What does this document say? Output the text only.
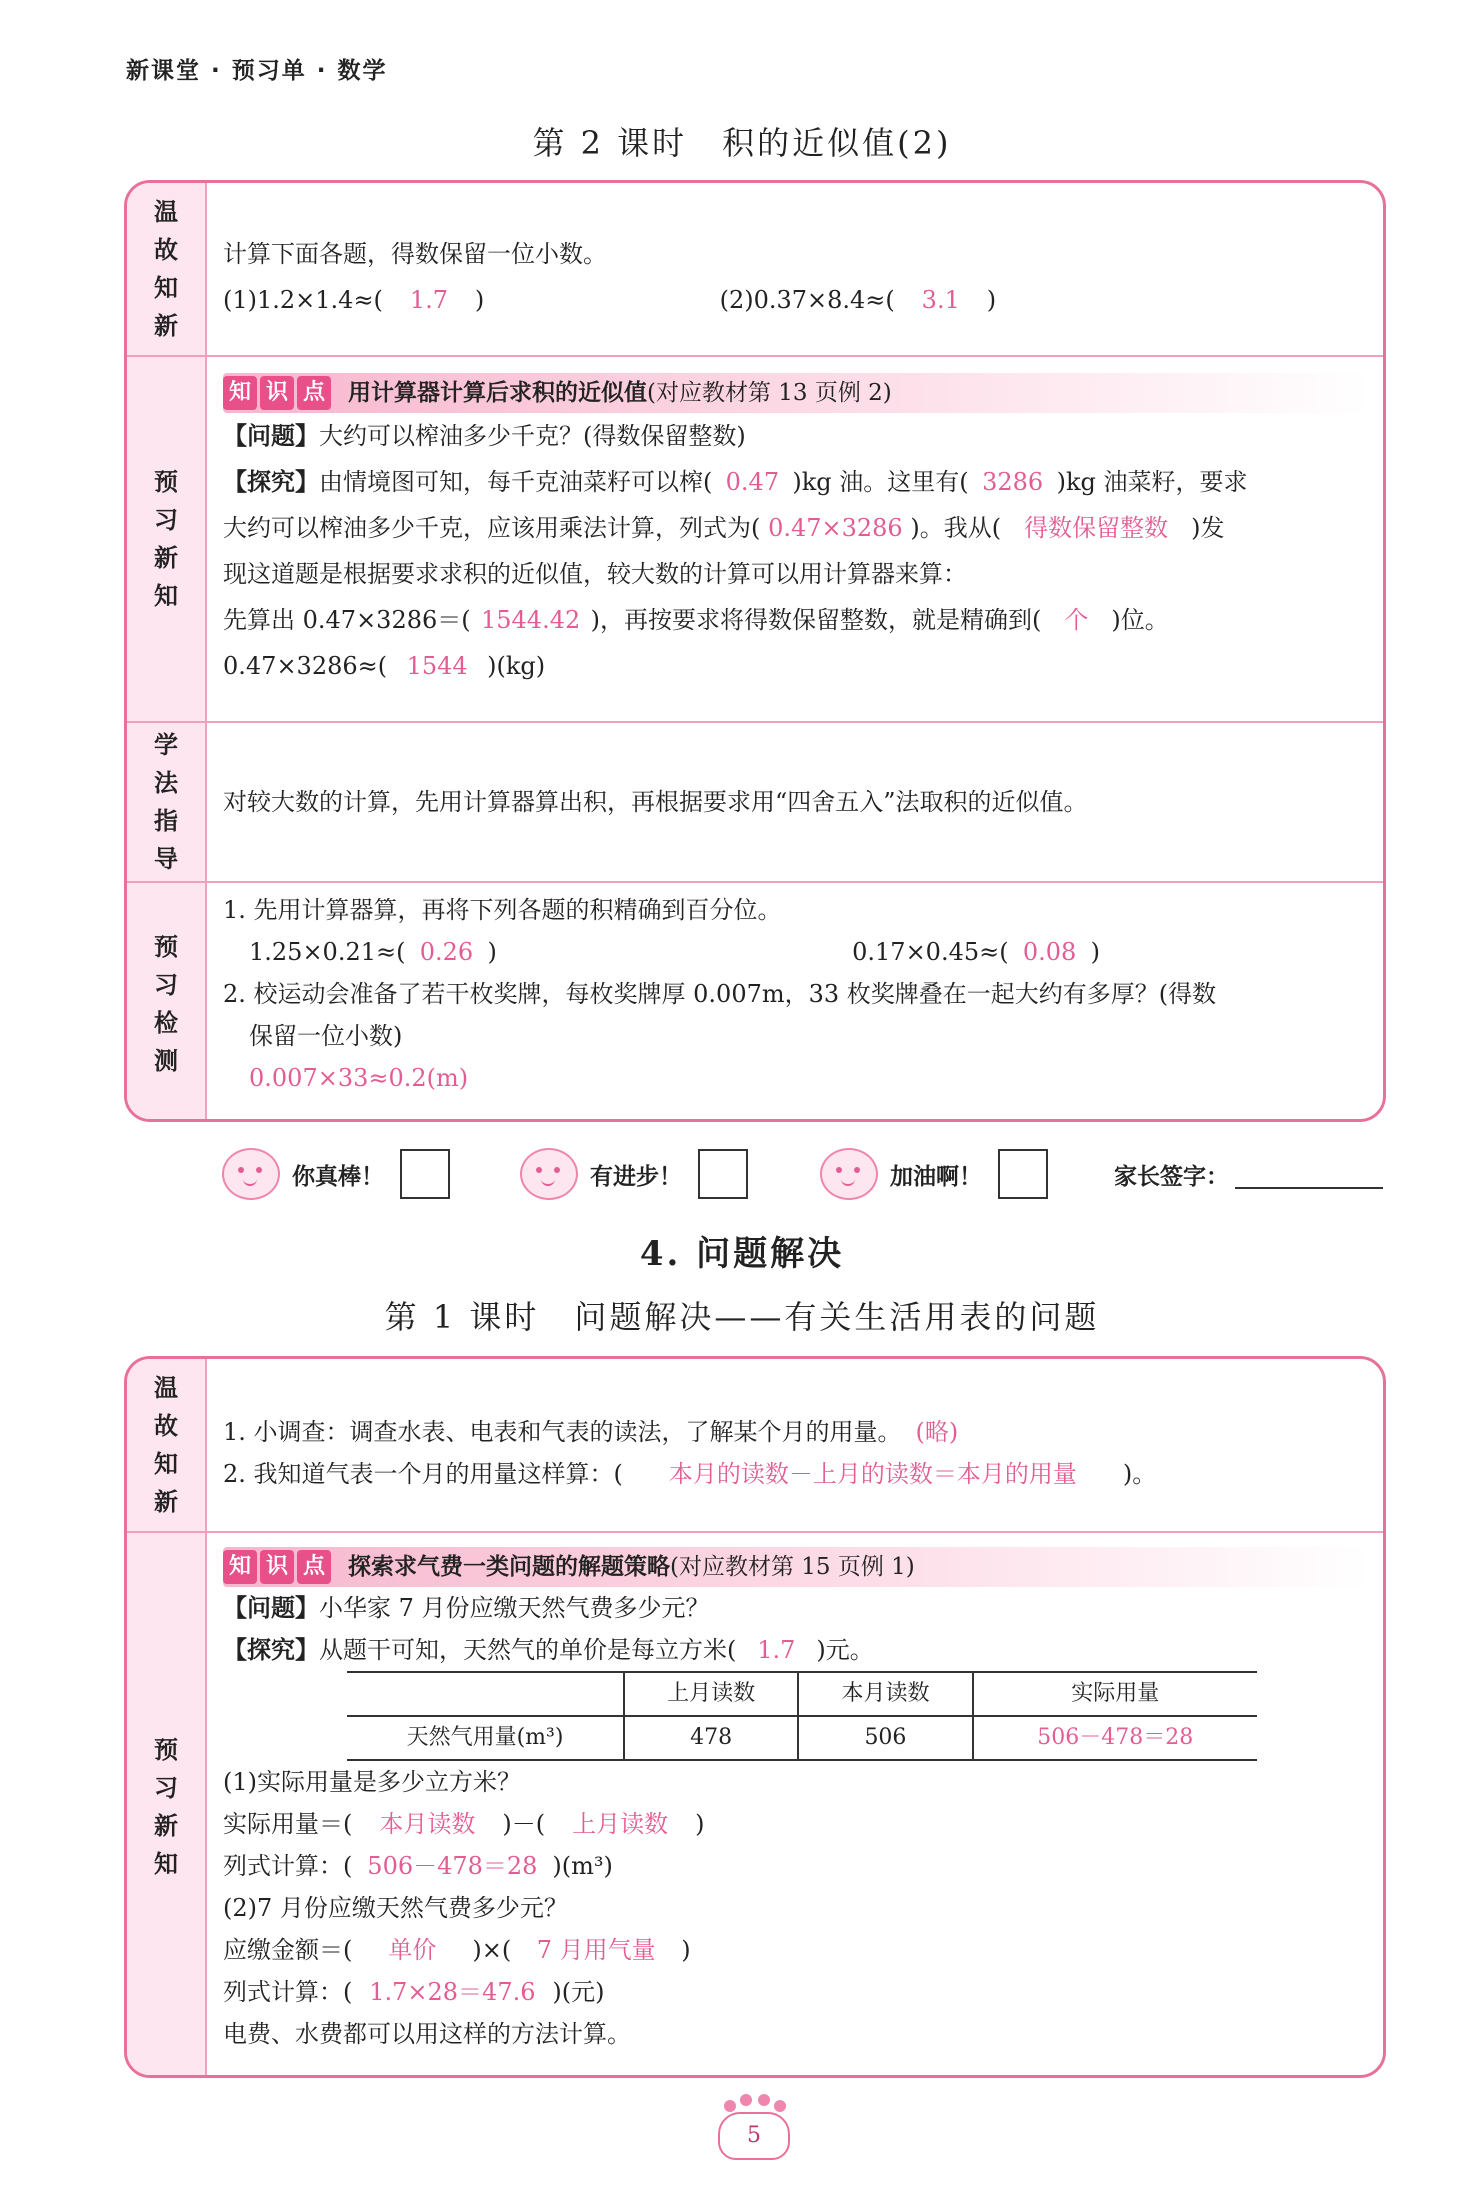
新课堂 · 预习单 · 数学
第 2 课时　积的近似值(2)
温
故
知
新
计算下面各题，得数保留一位小数。
(1)1.2×1.4≈( 1.7 )	(2)0.37×8.4≈( 3.1 )
预
习
新
知
知 识 点 用计算器计算后求积的近似值 (对应教材第 13 页例 2)
【问题】大约可以榨油多少千克？(得数保留整数)
【探究】由情境图可知，每千克油菜籽可以榨( 0.47 )kg 油。这里有( 3286 )kg 油菜籽，要求
大约可以榨油多少千克，应该用乘法计算，列式为( 0.47×3286 )。我从( 得数保留整数 )发
现这道题是根据要求求积的近似值，较大数的计算可以用计算器来算：
先算出 0.47×3286＝( 1544.42 )，再按要求将得数保留整数，就是精确到( 个 )位。
0.47×3286≈( 1544 )(kg)
学
法
指
导
对较大数的计算，先用计算器算出积，再根据要求用“四舍五入”法取积的近似值。
预
习
检
测
1. 先用计算器算，再将下列各题的积精确到百分位。
1.25×0.21≈( 0.26 )	0.17×0.45≈( 0.08 )
2. 校运动会准备了若干枚奖牌，每枚奖牌厚 0.007m，33 枚奖牌叠在一起大约有多厚？(得数
保留一位小数)
0.007×33≈0.2(m)
你真棒！	有进步！	加油啊！	家长签字：
4. 问题解决
第 1 课时　问题解决——有关生活用表的问题
温
故
知
新
1. 小调查：调查水表、电表和气表的读法，了解某个月的用量。 (略)
2. 我知道气表一个月的用量这样算：( 本月的读数－上月的读数＝本月的用量 )。
预
习
新
知
知 识 点 探索求气费一类问题的解题策略 (对应教材第 15 页例 1)
【问题】小华家 7 月份应缴天然气费多少元？
【探究】从题干可知，天然气的单价是每立方米( 1.7 )元。
	上月读数	本月读数	实际用量
天然气用量(m³)	478	506	506－478＝28
(1)实际用量是多少立方米？
实际用量＝( 本月读数 )－( 上月读数 )
列式计算：( 506－478＝28 )(m³)
(2)7 月份应缴天然气费多少元？
应缴金额＝( 单价 )×( 7 月用气量 )
列式计算：( 1.7×28＝47.6 )(元)
电费、水费都可以用这样的方法计算。
5
